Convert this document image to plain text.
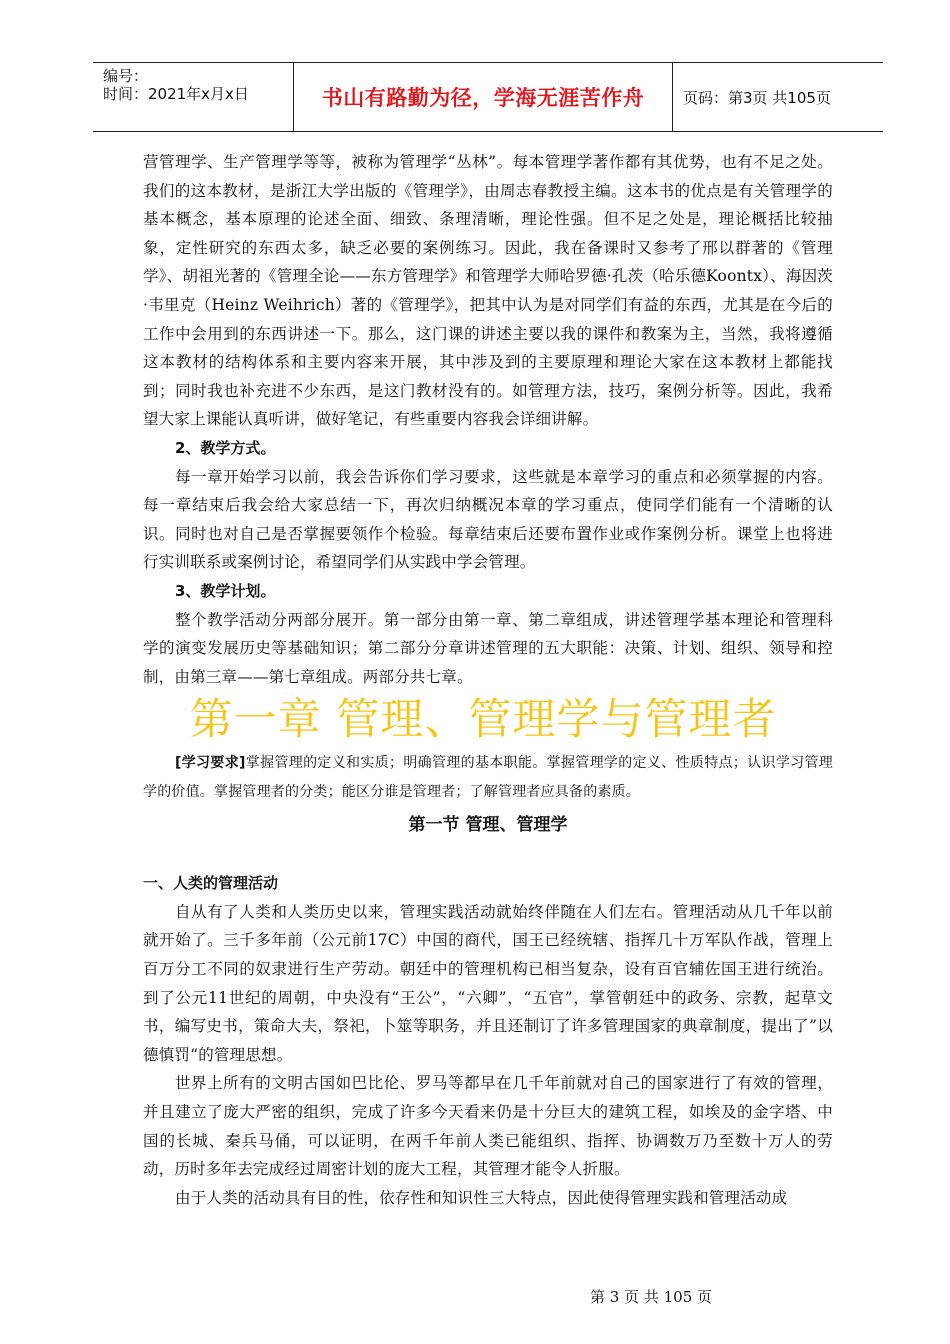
编号：
时间：2021年x月x日	书山有路勤为径，学海无涯苦作舟	页码：第3页 共105页

营管理学、生产管理学等等，被称为管理学“丛林”。每本管理学著作都有其优势，也有不足之处。我们的这本教材，是浙江大学出版的《管理学》，由周志春教授主编。这本书的优点是有关管理学的基本概念，基本原理的论述全面、细致、条理清晰，理论性强。但不足之处是，理论概括比较抽象，定性研究的东西太多，缺乏必要的案例练习。因此，我在备课时又参考了邢以群著的《管理学》、胡祖光著的《管理全论——东方管理学》和管理学大师哈罗德·孔茨（哈乐德Koontx）、海因茨·韦里克（Heinz Weihrich）著的《管理学》，把其中认为是对同学们有益的东西，尤其是在今后的工作中会用到的东西讲述一下。那么，这门课的讲述主要以我的课件和教案为主，当然，我将遵循这本教材的结构体系和主要内容来开展，其中涉及到的主要原理和理论大家在这本教材上都能找到；同时我也补充进不少东西，是这门教材没有的。如管理方法，技巧，案例分析等。因此，我希望大家上课能认真听讲，做好笔记，有些重要内容我会详细讲解。

2、教学方式。

每一章开始学习以前，我会告诉你们学习要求，这些就是本章学习的重点和必须掌握的内容。每一章结束后我会给大家总结一下，再次归纳概况本章的学习重点，使同学们能有一个清晰的认识。同时也对自己是否掌握要领作个检验。每章结束后还要布置作业或作案例分析。课堂上也将进行实训联系或案例讨论，希望同学们从实践中学会管理。

3、教学计划。

整个教学活动分两部分展开。第一部分由第一章、第二章组成，讲述管理学基本理论和管理科学的演变发展历史等基础知识；第二部分分章讲述管理的五大职能：决策、计划、组织、领导和控制，由第三章——第七章组成。两部分共七章。

第一章 管理、管理学与管理者

[学习要求]掌握管理的定义和实质；明确管理的基本职能。掌握管理学的定义、性质特点；认识学习管理学的价值。掌握管理者的分类；能区分谁是管理者；了解管理者应具备的素质。

第一节 管理、管理学
一、人类的管理活动

自从有了人类和人类历史以来，管理实践活动就始终伴随在人们左右。管理活动从几千年以前就开始了。三千多年前（公元前17C）中国的商代，国王已经统辖、指挥几十万军队作战，管理上百万分工不同的奴隶进行生产劳动。朝廷中的管理机构已相当复杂，设有百官辅佐国王进行统治。到了公元11世纪的周朝，中央没有“王公”，“六卿”，“五官”，掌管朝廷中的政务、宗教，起草文书，编写史书，策命大夫，祭祀，卜筮等职务，并且还制订了许多管理国家的典章制度，提出了”以德慎罚“的管理思想。

世界上所有的文明古国如巴比伦、罗马等都早在几千年前就对自己的国家进行了有效的管理，并且建立了庞大严密的组织，完成了许多今天看来仍是十分巨大的建筑工程，如埃及的金字塔、中国的长城、秦兵马俑，可以证明，在两千年前人类已能组织、指挥、协调数万乃至数十万人的劳动，历时多年去完成经过周密计划的庞大工程，其管理才能令人折服。

由于人类的活动具有目的性，依存性和知识性三大特点，因此使得管理实践和管理活动成

第 3 页 共 105 页
